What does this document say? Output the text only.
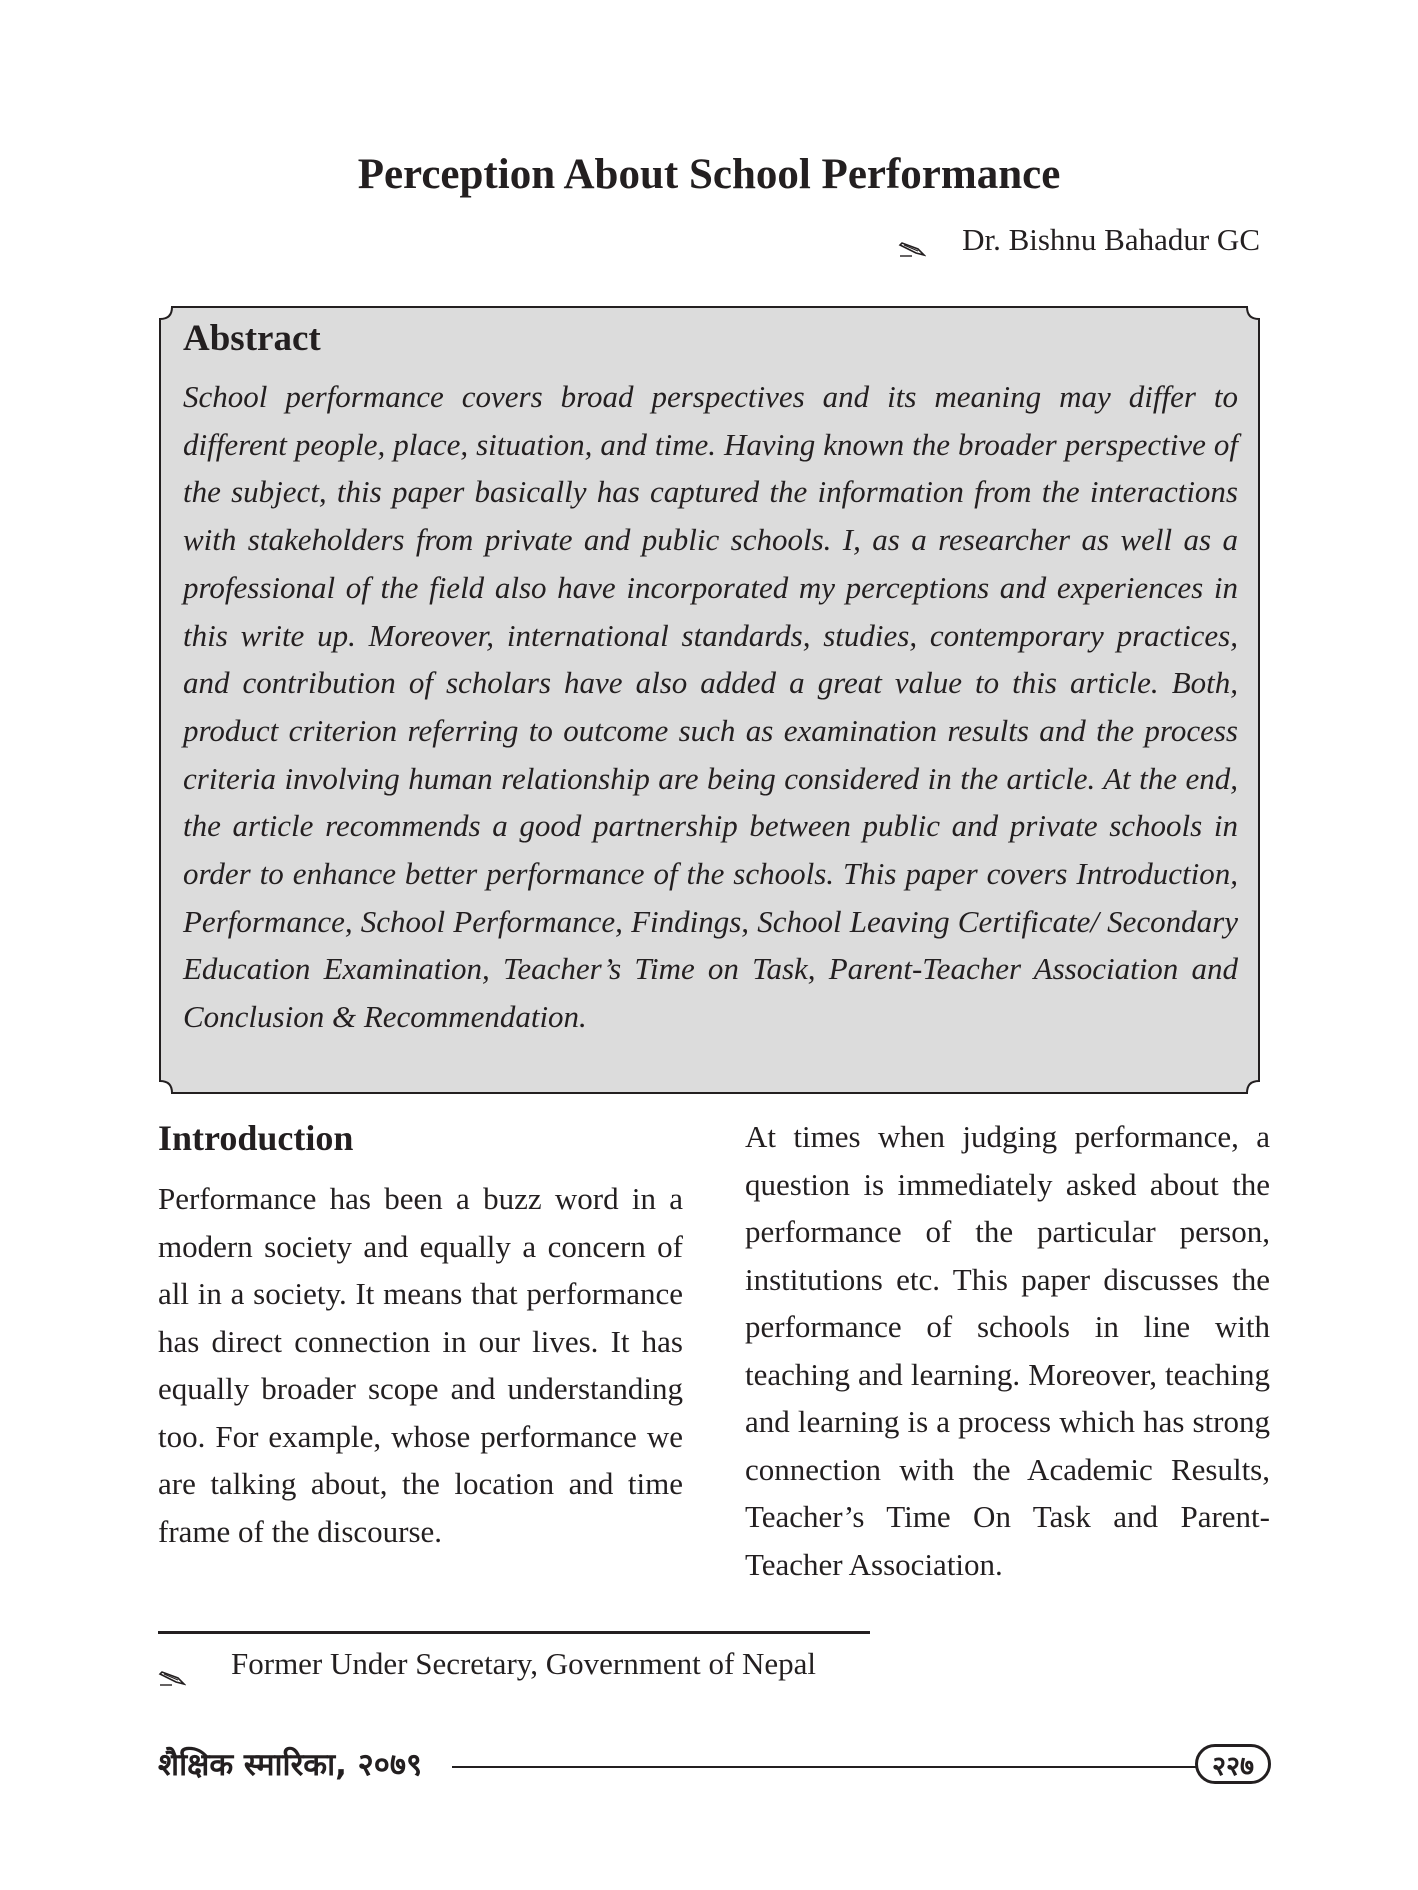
Perception About School Performance
Dr. Bishnu Bahadur GC
Abstract

School performance covers broad perspectives and its meaning may differ to different people, place, situation, and time. Having known the broader perspective of the subject, this paper basically has captured the information from the interactions with stakeholders from private and public schools. I, as a researcher as well as a professional of the field also have incorporated my perceptions and experiences in this write up. Moreover, international standards, studies, contemporary practices, and contribution of scholars have also added a great value to this article. Both, product criterion referring to outcome such as examination results and the process criteria involving human relationship are being considered in the article. At the end, the article recommends a good partnership between public and private schools in order to enhance better performance of the schools. This paper covers Introduction, Performance, School Performance, Findings, School Leaving Certificate/ Secondary Education Examination, Teacher’s Time on Task, Parent-Teacher Association and Conclusion & Recommendation.

Introduction

Performance has been a buzz word in a modern society and equally a concern of all in a society. It means that performance has direct connection in our lives. It has equally broader scope and understanding too. For example, whose performance we are talking about, the location and time frame of the discourse.

At times when judging performance, a question is immediately asked about the performance of the particular person, institutions etc. This paper discusses the performance of schools in line with teaching and learning. Moreover, teaching and learning is a process which has strong connection with the Academic Results, Teacher’s Time On Task and Parent-Teacher Association.

Former Under Secretary, Government of Nepal
शैक्षिक स्मारिका, २०७९	२२७
